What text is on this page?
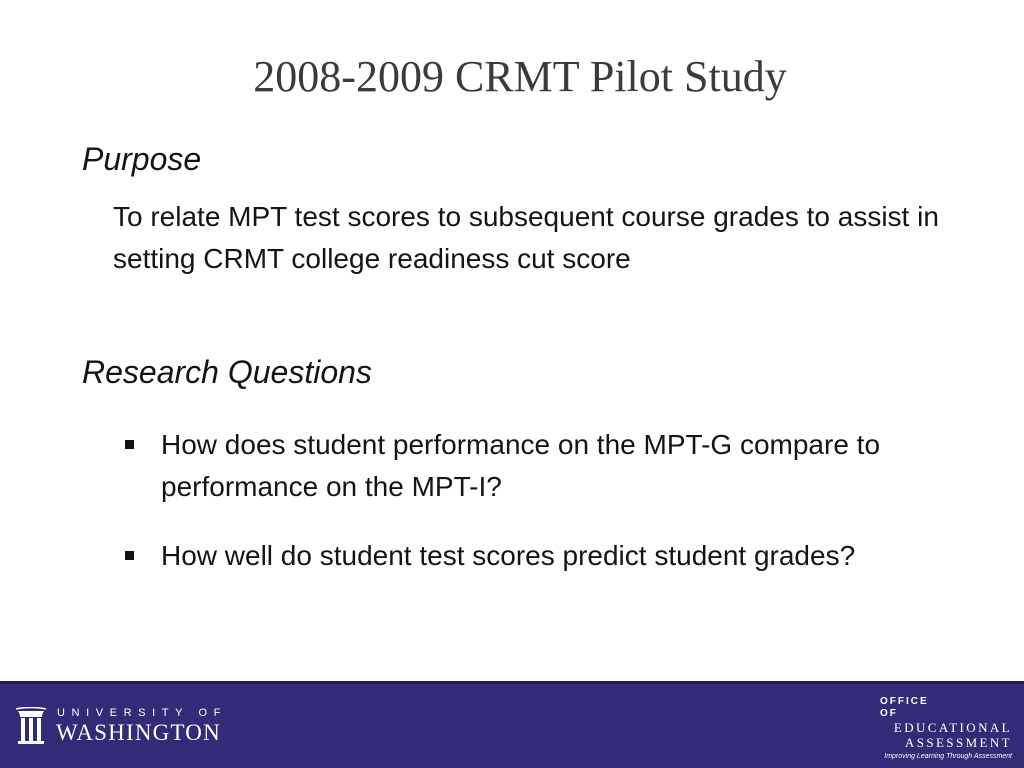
2008-2009 CRMT Pilot Study
Purpose
To relate MPT test scores to subsequent course grades to assist in setting CRMT college readiness cut score
Research Questions
How does student performance on the MPT-G compare to performance on the MPT-I?
How well do student test scores predict student grades?
UNIVERSITY OF
WASHINGTON
OFFICE OF
EDUCATIONAL
ASSESSMENT
Improving Learning Through Assessment
